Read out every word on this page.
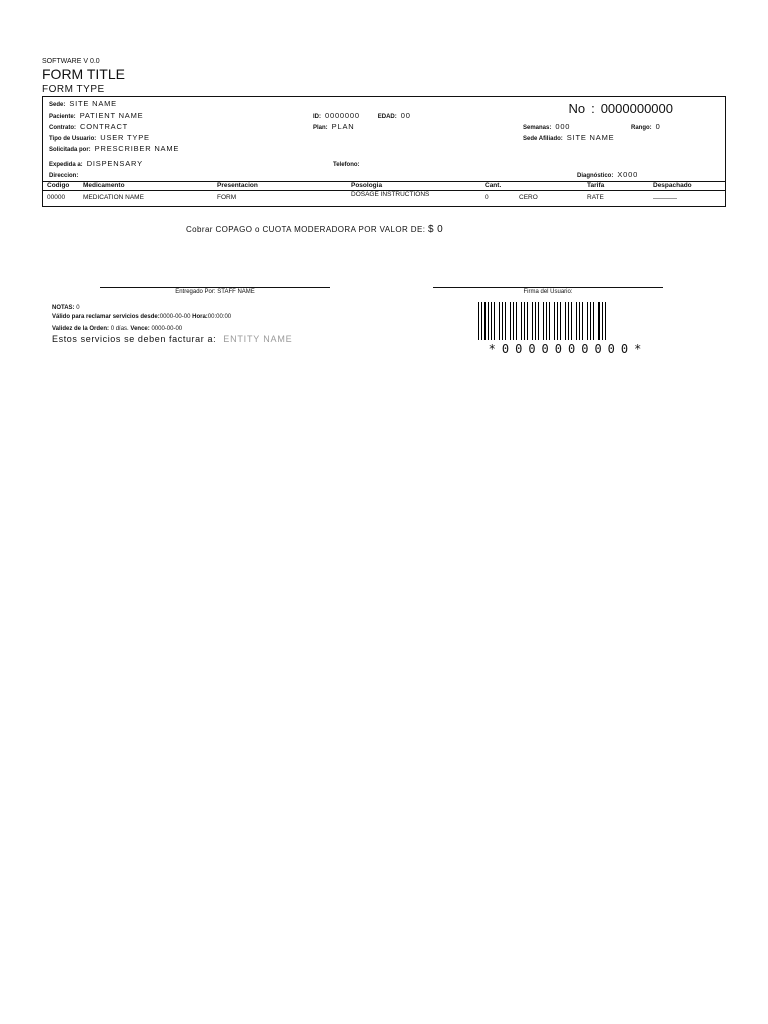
SOFTWARE V 0.0
FORM TITLE
FORM TYPE
Sede: SITE NAME
Paciente: PATIENT NAME
Contrato: CONTRACT
Tipo de Usuario: USER TYPE
Solicitada por: PRESCRIBER NAME
Expedida a: DISPENSARY
Direccion:
ID: 0000000	EDAD: 00
Plan: PLAN
Telefono:
No : 0000000000
Semanas: 000	Rango: 0
Sede Afiliado: SITE NAME
Diagnóstico: X000
Codigo Medicamento	Presentacion	Posologia	Cant.	Tarifa	Despachado
00000	MEDICATION NAME	FORM	DOSAGE INSTRUCTIONS	0	CERO	RATE
Cobrar COPAGO o CUOTA MODERADORA POR VALOR DE: $ 0
Entregado Por: STAFF NAME	Firma del Usuario:
NOTAS: 0
Válido para reclamar servicios desde:0000-00-00 Hora:00:00:00
Validez de la Orden: 0 días. Vence: 0000-00-00
Estos servicios se deben facturar a: ENTITY NAME
*0000000000*
